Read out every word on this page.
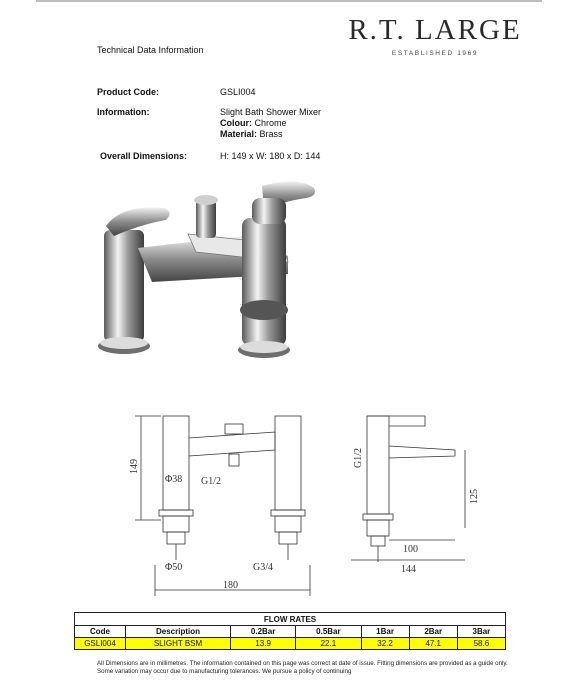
R.T. LARGE
ESTABLISHED 1969
Technical Data Information
Product Code:	GSLI004
Information:	Slight Bath Shower Mixer
Colour: Chrome
Material: Brass
Overall Dimensions:	H: 149 x W: 180 x D: 144
149
Φ38 G1/2
Φ50	G3/4
180
G1/2
125
100
144
FLOW RATES						
Code	Description	0.2Bar	0.5Bar	1Bar	2Bar	3Bar
GSLI004	SLIGHT BSM	13.9	22.1	32.2	47.1	58.6
All Dimensions are in millimetres. The information contained on this page was correct at date of issue. Fitting dimensions are provided as a guide only. Some variation may occur due to manufacturing tolerances. We pursue a policy of continuing
